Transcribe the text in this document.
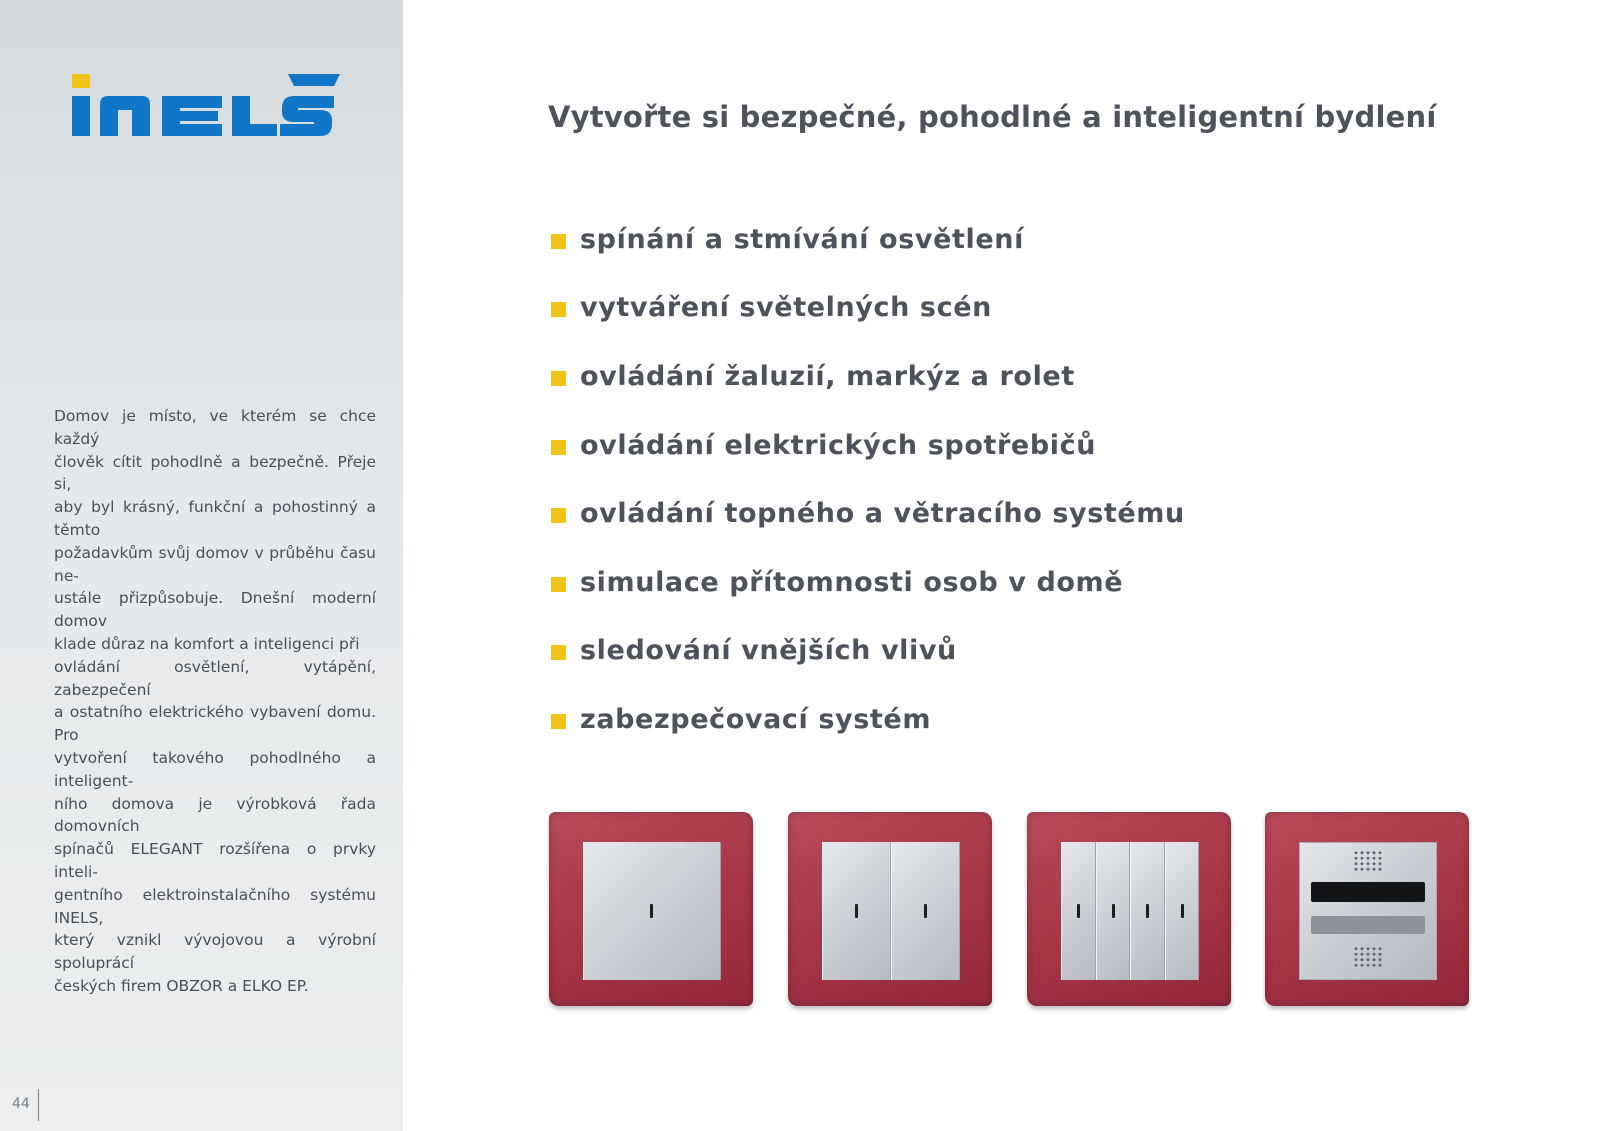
Domov je místo, ve kterém se chce každý
člověk cítit pohodlně a bezpečně. Přeje si,
aby byl krásný, funkční a pohostinný a těmto
požadavkům svůj domov v průběhu času ne-
ustále přizpůsobuje. Dnešní moderní domov
klade důraz na komfort a inteligenci při
ovládání osvětlení, vytápění, zabezpečení
a ostatního elektrického vybavení domu. Pro
vytvoření takového pohodlného a inteligent-
ního domova je výrobková řada domovních
spínačů ELEGANT rozšířena o prvky inteli-
gentního elektroinstalačního systému INELS,
který vznikl vývojovou a výrobní spoluprácí
českých firem OBZOR a ELKO EP.
44
Vytvořte si bezpečné, pohodlné a inteligentní bydlení
spínání a stmívání osvětlení
vytváření světelných scén
ovládání žaluzií, markýz a rolet
ovládání elektrických spotřebičů
ovládání topného a větracího systému
simulace přítomnosti osob v domě
sledování vnějších vlivů
zabezpečovací systém
